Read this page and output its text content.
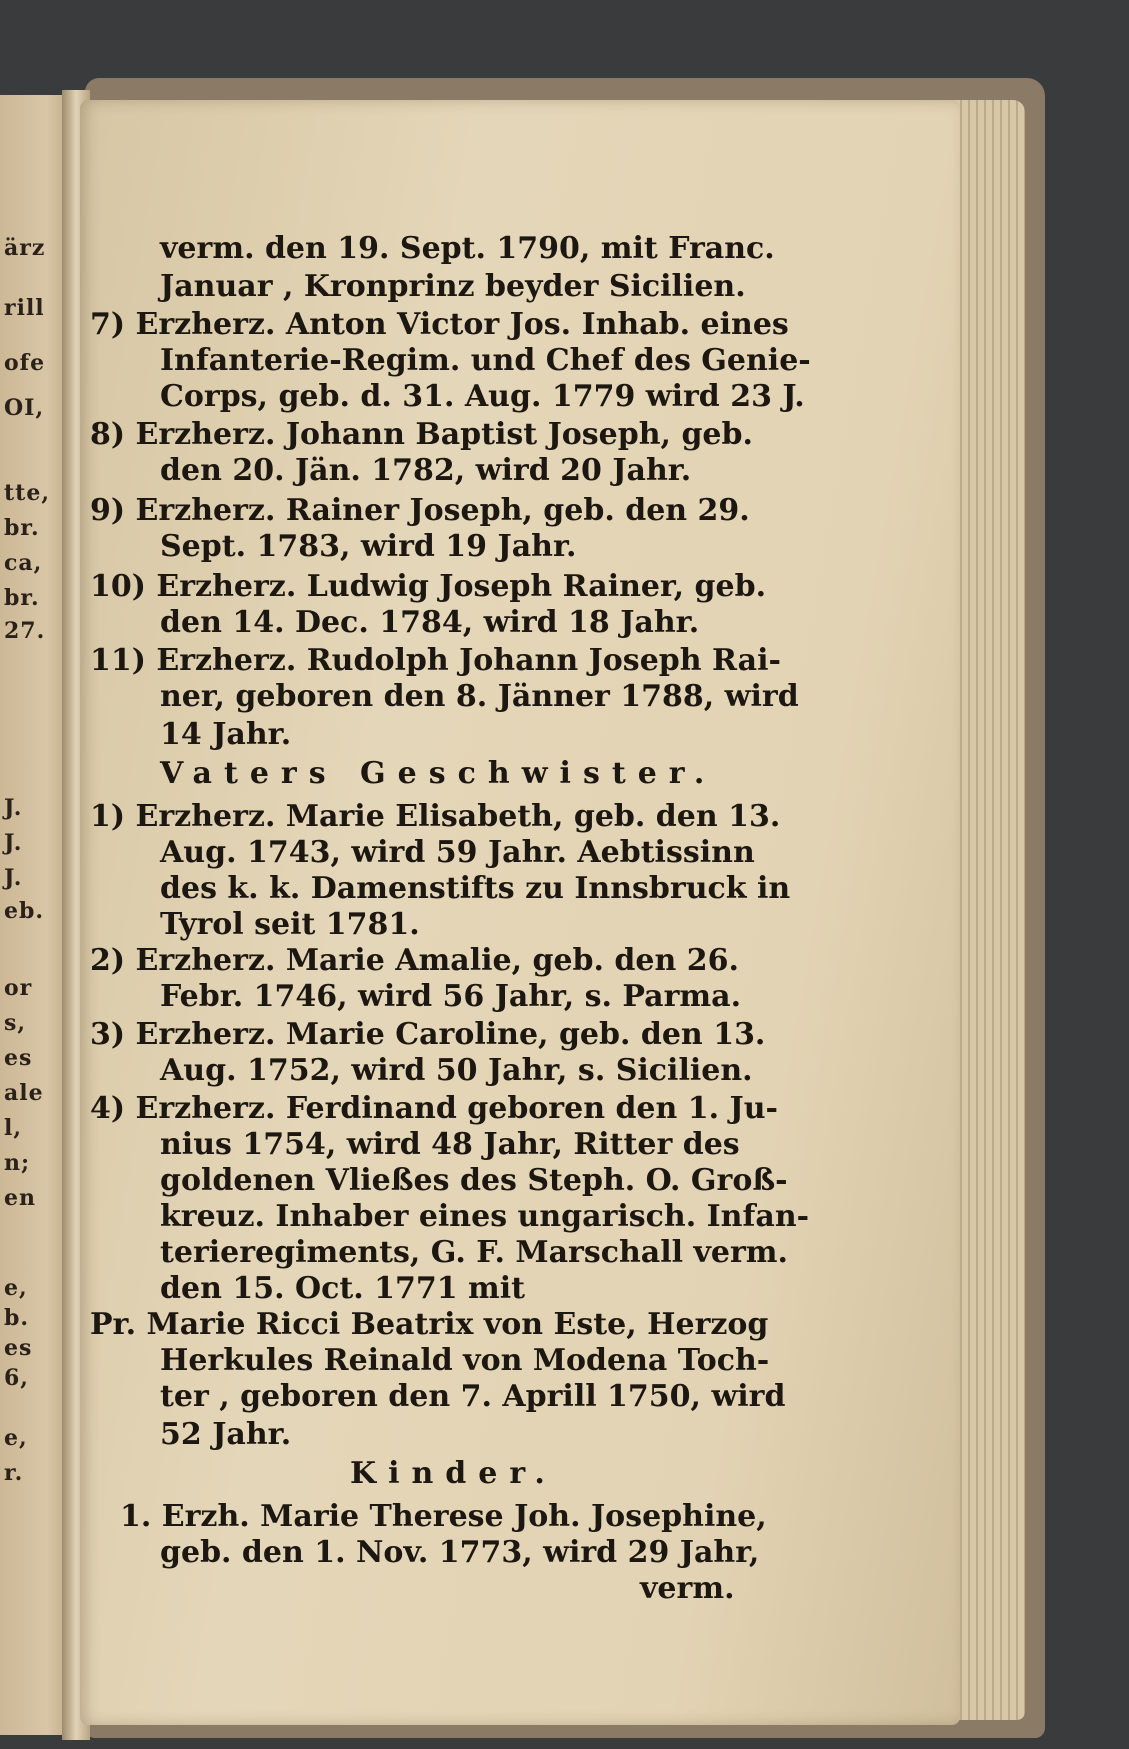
ärz
rill
ofe
ΟΙ,
tte,
br.
ca,
br.
27.
J.
J.
J.
eb.
or
s,
es
ale
l,
n;
en
e,
b.
es
6,
e,
r.
verm. den 19. Sept. 1790, mit Franc.
Januar , Kronprinz beyder Sicilien.
7) Erzherz. Anton Victor Jos. Inhab. eines
Infanterie-Regim. und Chef des Genie-
Corps, geb. d. 31. Aug. 1779 wird 23 J.
8) Erzherz. Johann Baptist Joseph, geb.
den 20. Jän. 1782, wird 20 Jahr.
9) Erzherz. Rainer Joseph, geb. den 29.
Sept. 1783, wird 19 Jahr.
10) Erzherz. Ludwig Joseph Rainer, geb.
den 14. Dec. 1784, wird 18 Jahr.
11) Erzherz. Rudolph Johann Joseph Rai-
ner, geboren den 8. Jänner 1788, wird
14 Jahr.
Vaters Geschwister.
1) Erzherz. Marie Elisabeth, geb. den 13.
Aug. 1743, wird 59 Jahr. Aebtissinn
des k. k. Damenstifts zu Innsbruck in
Tyrol seit 1781.
2) Erzherz. Marie Amalie, geb. den 26.
Febr. 1746, wird 56 Jahr, s. Parma.
3) Erzherz. Marie Caroline, geb. den 13.
Aug. 1752, wird 50 Jahr, s. Sicilien.
4) Erzherz. Ferdinand geboren den 1. Ju-
nius 1754, wird 48 Jahr, Ritter des
goldenen Vließes des Steph. O. Groß-
kreuz. Inhaber eines ungarisch. Infan-
terieregiments, G. F. Marschall verm.
den 15. Oct. 1771 mit
Pr. Marie Ricci Beatrix von Este, Herzog
Herkules Reinald von Modena Toch-
ter , geboren den 7. Aprill 1750, wird
52 Jahr.
Kinder.
1. Erzh. Marie Therese Joh. Josephine,
geb. den 1. Nov. 1773, wird 29 Jahr,
verm.
